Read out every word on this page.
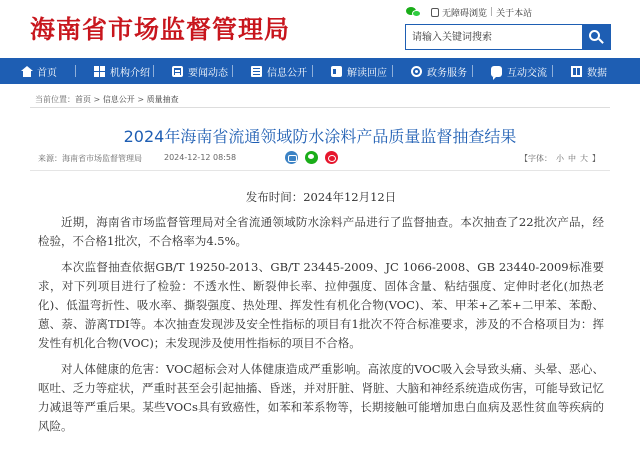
海南省市场监督管理局
无障碍浏览 | 关于本站
请输入关键词搜索
首页	机构介绍	要闻动态	信息公开	解读回应	政务服务	互动交流	数据
当前位置：首页 > 信息公开 > 质量抽查
2024年海南省流通领域防水涂料产品质量监督抽查结果
来源：海南省市场监督管理局	2024-12-12 08:58	【字体： 小 中 大 】
发布时间：2024年12月12日

近期，海南省市场监督管理局对全省流通领域防水涂料产品进行了监督抽查。本次抽查了22批次产品，经检验，不合格1批次，不合格率为4.5%。

本次监督抽查依据GB/T 19250-2013、GB/T 23445-2009、JC 1066-2008、GB 23440-2009标准要求，对下列项目进行了检验：不透水性、断裂伸长率、拉伸强度、固体含量、粘结强度、定伸时老化(加热老化)、低温弯折性、吸水率、撕裂强度、热处理、挥发性有机化合物(VOC)、苯、甲苯+乙苯+二甲苯、苯酚、蒽、萘、游离TDI等。本次抽查发现涉及安全性指标的项目有1批次不符合标准要求，涉及的不合格项目为：挥发性有机化合物(VOC)；未发现涉及使用性指标的项目不合格。

对人体健康的危害：VOC超标会对人体健康造成严重影响。高浓度的VOC吸入会导致头痛、头晕、恶心、呕吐、乏力等症状，严重时甚至会引起抽搐、昏迷，并对肝脏、肾脏、大脑和神经系统造成伤害，可能导致记忆力减退等严重后果。某些VOCs具有致癌性，如苯和苯系物等，长期接触可能增加患白血病及恶性贫血等疾病的风险。
